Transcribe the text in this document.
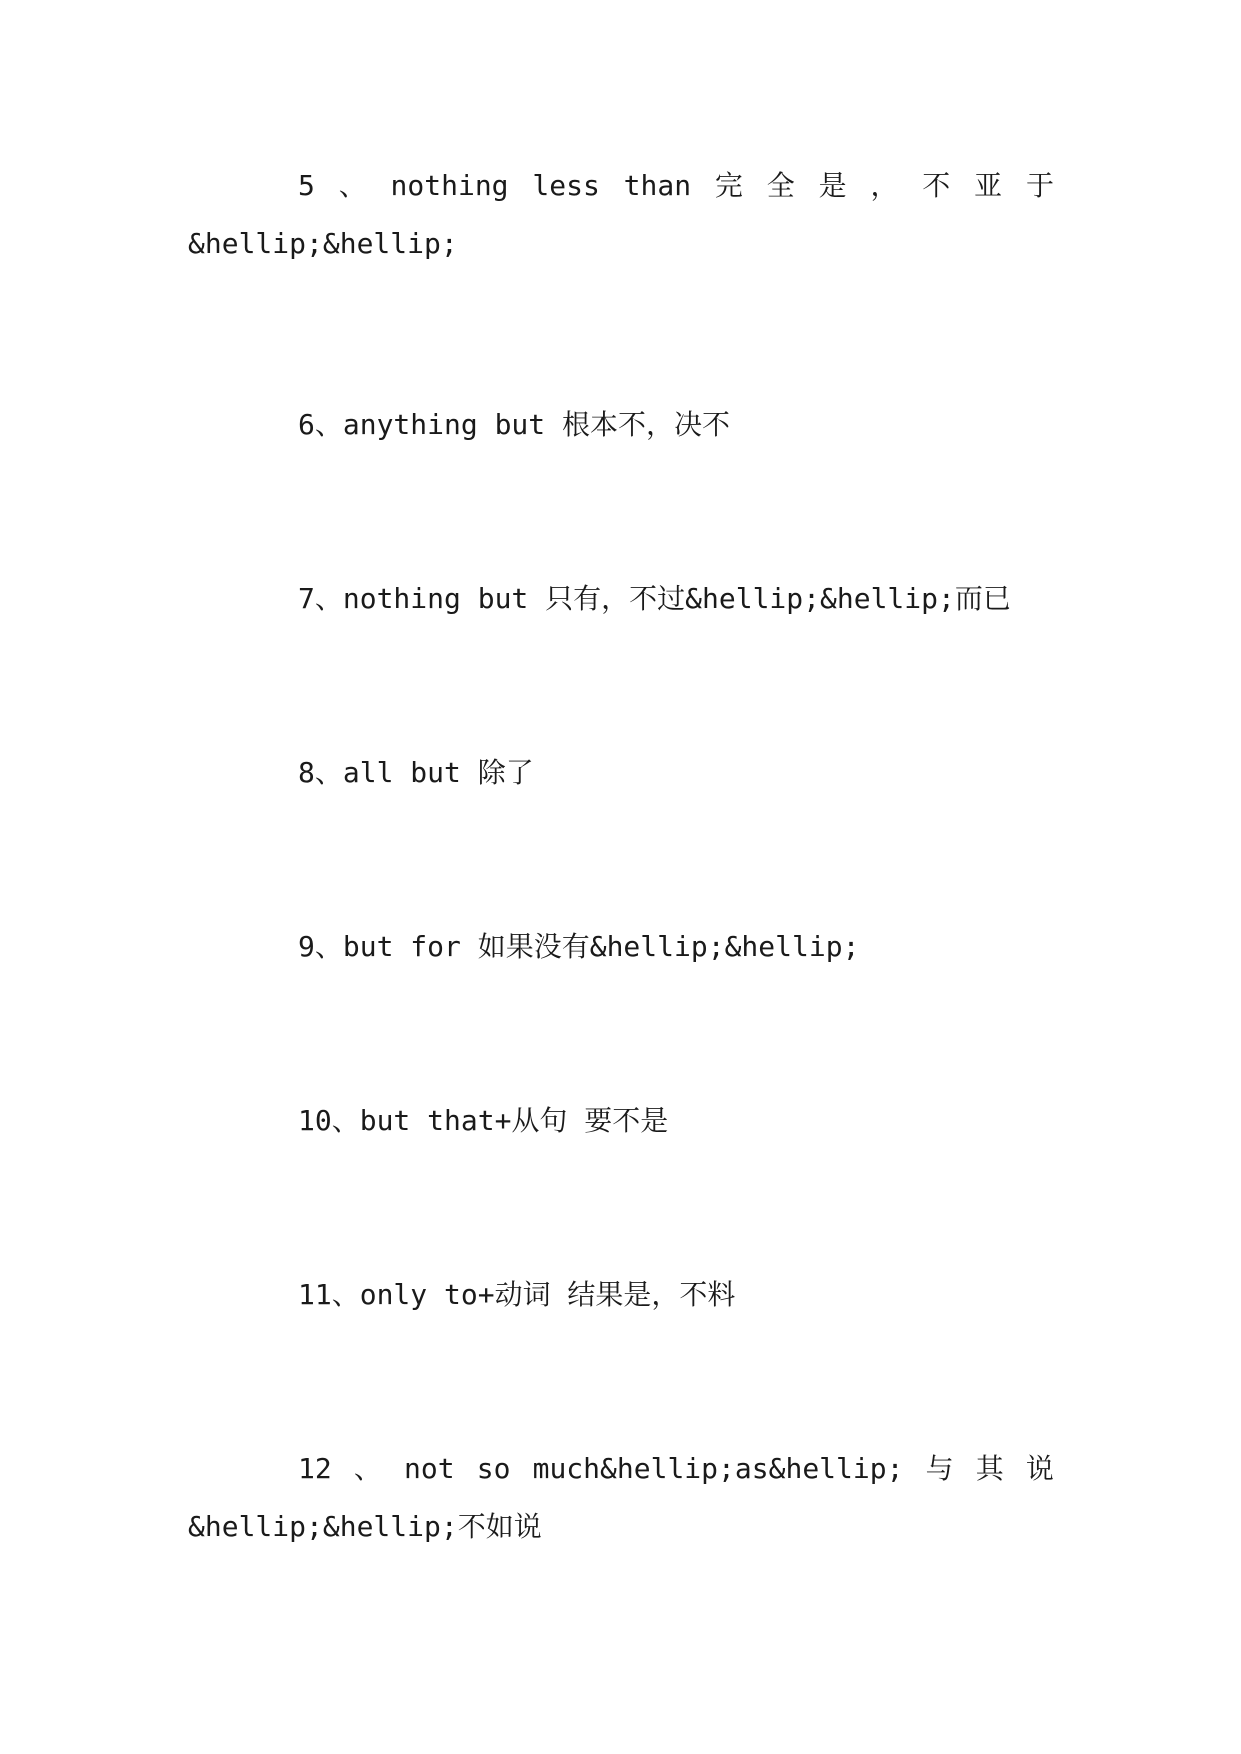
5 、 nothing less than 完 全 是 ， 不 亚 于
&hellip;&hellip;

6、anything but 根本不，决不

7、nothing but 只有，不过&hellip;&hellip;而已

8、all but 除了

9、but for 如果没有&hellip;&hellip;

10、but that+从句 要不是

11、only to+动词 结果是，不料

12 、 not so much&hellip;as&hellip; 与 其 说
&hellip;&hellip;不如说
